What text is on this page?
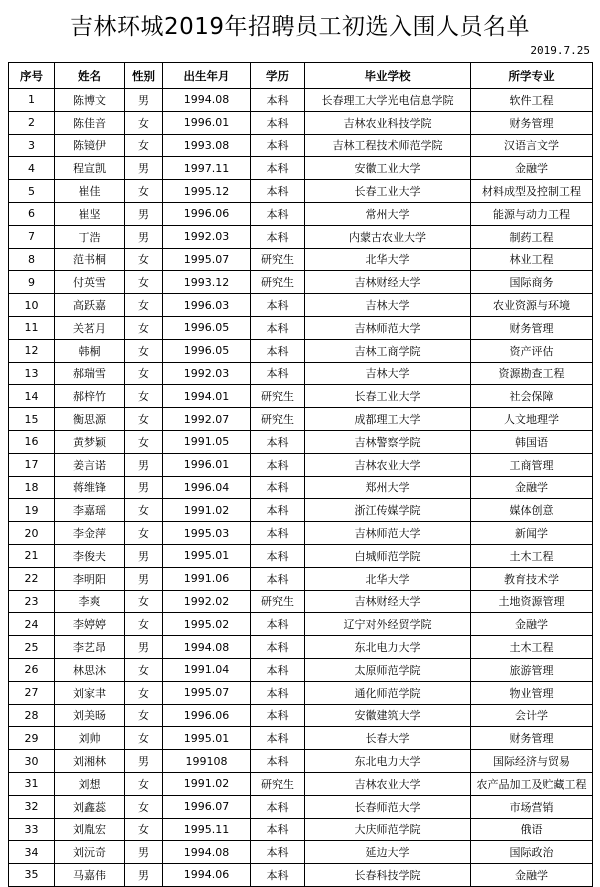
吉林环城2019年招聘员工初选入围人员名单
2019.7.25
序号	姓名	性别	出生年月	学历	毕业学校	所学专业
1	陈博文	男	1994.08	本科	长春理工大学光电信息学院	软件工程
2	陈佳音	女	1996.01	本科	吉林农业科技学院	财务管理
3	陈镜伊	女	1993.08	本科	吉林工程技术师范学院	汉语言文学
4	程宣凯	男	1997.11	本科	安徽工业大学	金融学
5	崔佳	女	1995.12	本科	长春工业大学	材料成型及控制工程
6	崔坚	男	1996.06	本科	常州大学	能源与动力工程
7	丁浩	男	1992.03	本科	内蒙古农业大学	制药工程
8	范书桐	女	1995.07	研究生	北华大学	林业工程
9	付英雪	女	1993.12	研究生	吉林财经大学	国际商务
10	高跃嘉	女	1996.03	本科	吉林大学	农业资源与环境
11	关茗月	女	1996.05	本科	吉林师范大学	财务管理
12	韩桐	女	1996.05	本科	吉林工商学院	资产评估
13	郝瑞雪	女	1992.03	本科	吉林大学	资源勘查工程
14	郝梓竹	女	1994.01	研究生	长春工业大学	社会保障
15	衡思源	女	1992.07	研究生	成都理工大学	人文地理学
16	黄梦颖	女	1991.05	本科	吉林警察学院	韩国语
17	姜言诺	男	1996.01	本科	吉林农业大学	工商管理
18	蒋维锋	男	1996.04	本科	郑州大学	金融学
19	李嘉瑶	女	1991.02	本科	浙江传媒学院	媒体创意
20	李金萍	女	1995.03	本科	吉林师范大学	新闻学
21	李俊夫	男	1995.01	本科	白城师范学院	土木工程
22	李明阳	男	1991.06	本科	北华大学	教育技术学
23	李爽	女	1992.02	研究生	吉林财经大学	土地资源管理
24	李婷婷	女	1995.02	本科	辽宁对外经贸学院	金融学
25	李艺昂	男	1994.08	本科	东北电力大学	土木工程
26	林思沐	女	1991.04	本科	太原师范学院	旅游管理
27	刘家聿	女	1995.07	本科	通化师范学院	物业管理
28	刘美旸	女	1996.06	本科	安徽建筑大学	会计学
29	刘帅	女	1995.01	本科	长春大学	财务管理
30	刘湘林	男	199108	本科	东北电力大学	国际经济与贸易
31	刘想	女	1991.02	研究生	吉林农业大学	农产品加工及贮藏工程
32	刘鑫蕊	女	1996.07	本科	长春师范大学	市场营销
33	刘胤宏	女	1995.11	本科	大庆师范学院	俄语
34	刘沅奇	男	1994.08	本科	延边大学	国际政治
35	马嘉伟	男	1994.06	本科	长春科技学院	金融学
